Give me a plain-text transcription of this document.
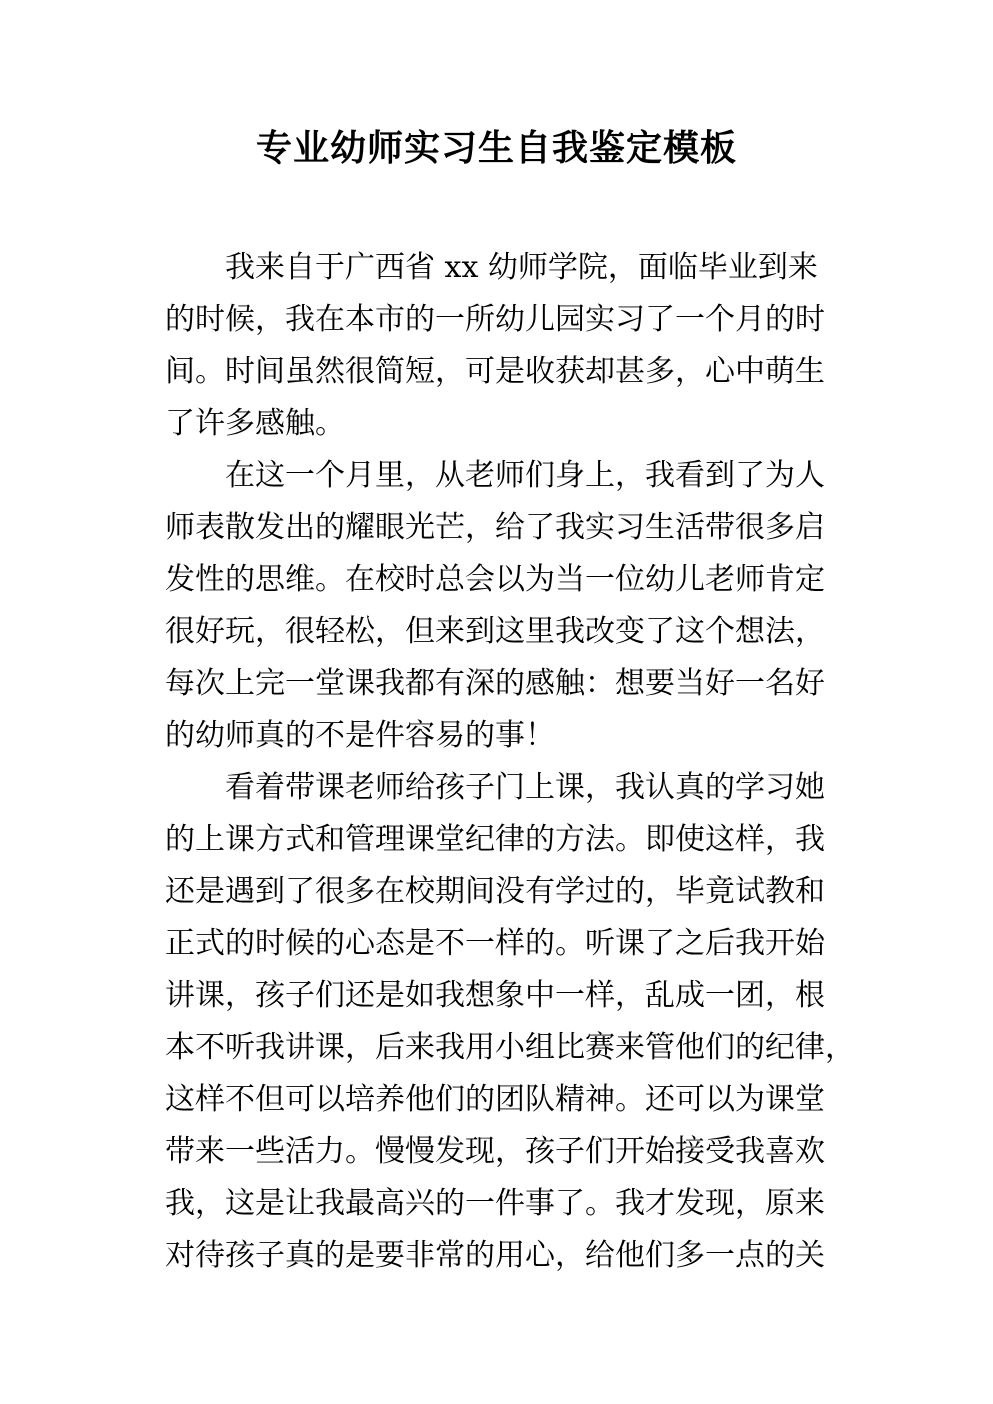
专业幼师实习生自我鉴定模板
我来自于广西省 xx 幼师学院，面临毕业到来
的时候，我在本市的一所幼儿园实习了一个月的时
间。时间虽然很简短，可是收获却甚多，心中萌生
了许多感触。
在这一个月里，从老师们身上，我看到了为人
师表散发出的耀眼光芒，给了我实习生活带很多启
发性的思维。在校时总会以为当一位幼儿老师肯定
很好玩，很轻松，但来到这里我改变了这个想法，
每次上完一堂课我都有深的感触：想要当好一名好
的幼师真的不是件容易的事！
看着带课老师给孩子门上课，我认真的学习她
的上课方式和管理课堂纪律的方法。即使这样，我
还是遇到了很多在校期间没有学过的，毕竟试教和
正式的时候的心态是不一样的。听课了之后我开始
讲课，孩子们还是如我想象中一样，乱成一团，根
本不听我讲课，后来我用小组比赛来管他们的纪律，
这样不但可以培养他们的团队精神。还可以为课堂
带来一些活力。慢慢发现，孩子们开始接受我喜欢
我，这是让我最高兴的一件事了。我才发现，原来
对待孩子真的是要非常的用心，给他们多一点的关
